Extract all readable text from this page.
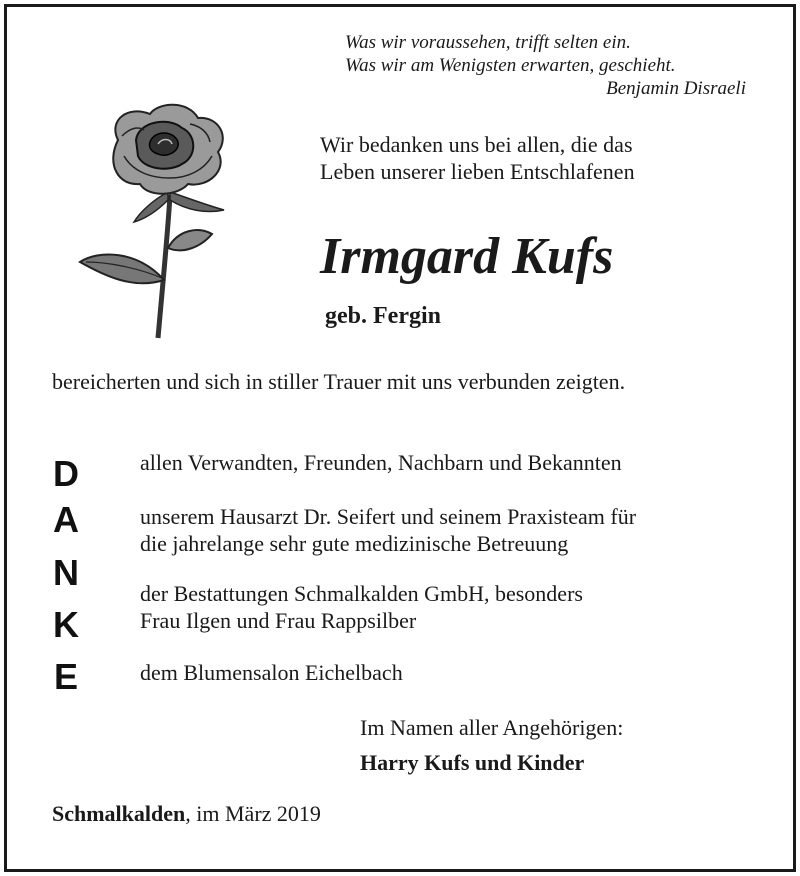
Was wir voraussehen, trifft selten ein.
Was wir am Wenigsten erwarten, geschieht.
Benjamin Disraeli
Wir bedanken uns bei allen, die das
Leben unserer lieben Entschlafenen
Irmgard Kufs
geb. Fergin
bereicherten und sich in stiller Trauer mit uns verbunden zeigten.
D
A
N
K
E
allen Verwandten, Freunden, Nachbarn und Bekannten
unserem Hausarzt Dr. Seifert und seinem Praxisteam für
die jahrelange sehr gute medizinische Betreuung
der Bestattungen Schmalkalden GmbH, besonders
Frau Ilgen und Frau Rappsilber
dem Blumensalon Eichelbach
Im Namen aller Angehörigen:
Harry Kufs und Kinder
Schmalkalden, im März 2019
